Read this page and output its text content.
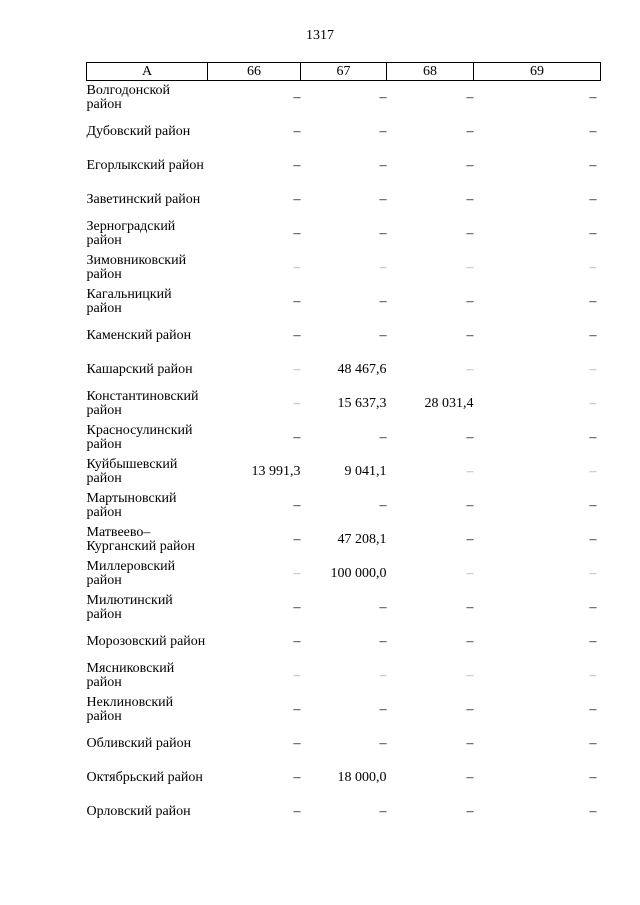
1317
А	66	67	68	69
Волгодонской район	–	–	–	–
Дубовский район	–	–	–	–
Егорлыкский район	–	–	–	–
Заветинский район	–	–	–	–
Зерноградский район	–	–	–	–
Зимовниковский район	–	–	–	–
Кагальницкий район	–	–	–	–
Каменский район	–	–	–	–
Кашарский район	–	48 467,6	–	–
Константиновский район	–	15 637,3	28 031,4	–
Красносулинский район	–	–	–	–
Куйбышевский район	13 991,3	9 041,1	–	–
Мартыновский район	–	–	–	–
Матвеево–Курганский район	–	47 208,1	–	–
Миллеровский район	–	100 000,0	–	–
Милютинский район	–	–	–	–
Морозовский район	–	–	–	–
Мясниковский район	–	–	–	–
Неклиновский район	–	–	–	–
Обливский район	–	–	–	–
Октябрьский район	–	18 000,0	–	–
Орловский район	–	–	–	–
